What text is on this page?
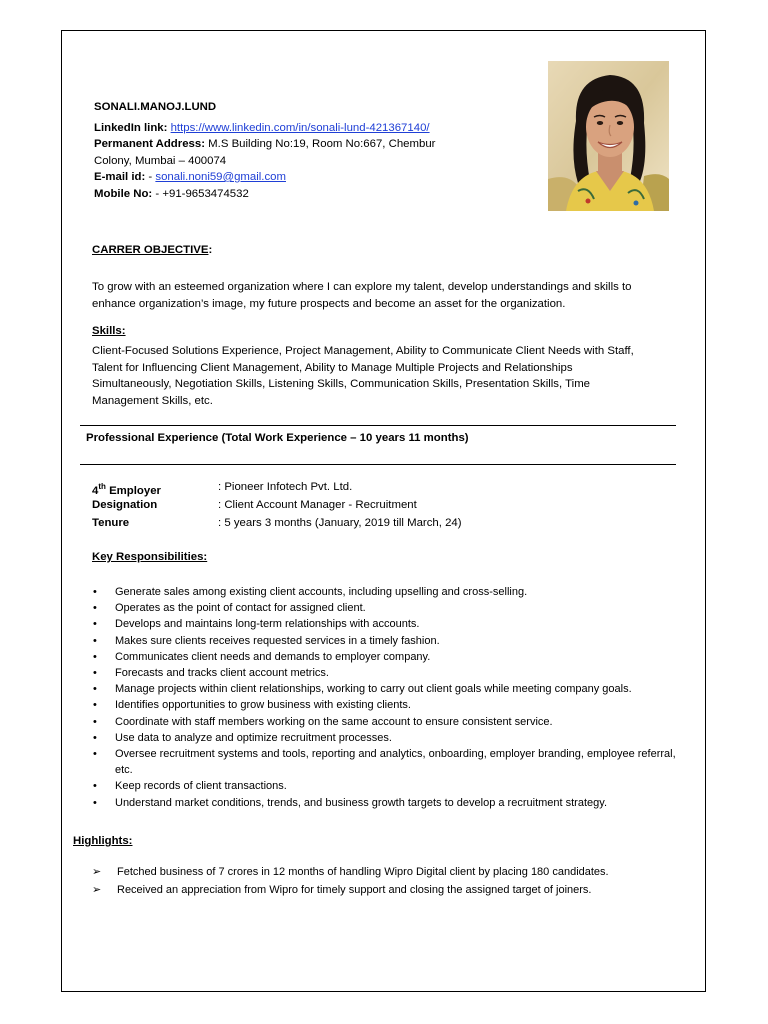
SONALI.MANOJ.LUND
LinkedIn link: https://www.linkedin.com/in/sonali-lund-421367140/
Permanent Address: M.S Building No:19, Room No:667, Chembur
Colony, Mumbai – 400074
E-mail id: - sonali.noni59@gmail.com
Mobile No: - +91-9653474532
CARRER OBJECTIVE:
To grow with an esteemed organization where I can explore my talent, develop understandings and skills to
enhance organization’s image, my future prospects and become an asset for the organization.
Skills:
Client-Focused Solutions Experience, Project Management, Ability to Communicate Client Needs with Staff,
Talent for Influencing Client Management, Ability to Manage Multiple Projects and Relationships
Simultaneously, Negotiation Skills, Listening Skills, Communication Skills, Presentation Skills, Time
Management Skills, etc.
Professional Experience (Total Work Experience – 10 years 11 months)
4th Employer	: Pioneer Infotech Pvt. Ltd.
Designation	: Client Account Manager - Recruitment
Tenure	: 5 years 3 months (January, 2019 till March, 24)
Key Responsibilities:
• Generate sales among existing client accounts, including upselling and cross-selling.
• Operates as the point of contact for assigned client.
• Develops and maintains long-term relationships with accounts.
• Makes sure clients receives requested services in a timely fashion.
• Communicates client needs and demands to employer company.
• Forecasts and tracks client account metrics.
• Manage projects within client relationships, working to carry out client goals while meeting company goals.
• Identifies opportunities to grow business with existing clients.
• Coordinate with staff members working on the same account to ensure consistent service.
• Use data to analyze and optimize recruitment processes.
• Oversee recruitment systems and tools, reporting and analytics, onboarding, employer branding, employee referral, etc.
• Keep records of client transactions.
• Understand market conditions, trends, and business growth targets to develop a recruitment strategy.
Highlights:
➢ Fetched business of 7 crores in 12 months of handling Wipro Digital client by placing 180 candidates.
➢ Received an appreciation from Wipro for timely support and closing the assigned target of joiners.
